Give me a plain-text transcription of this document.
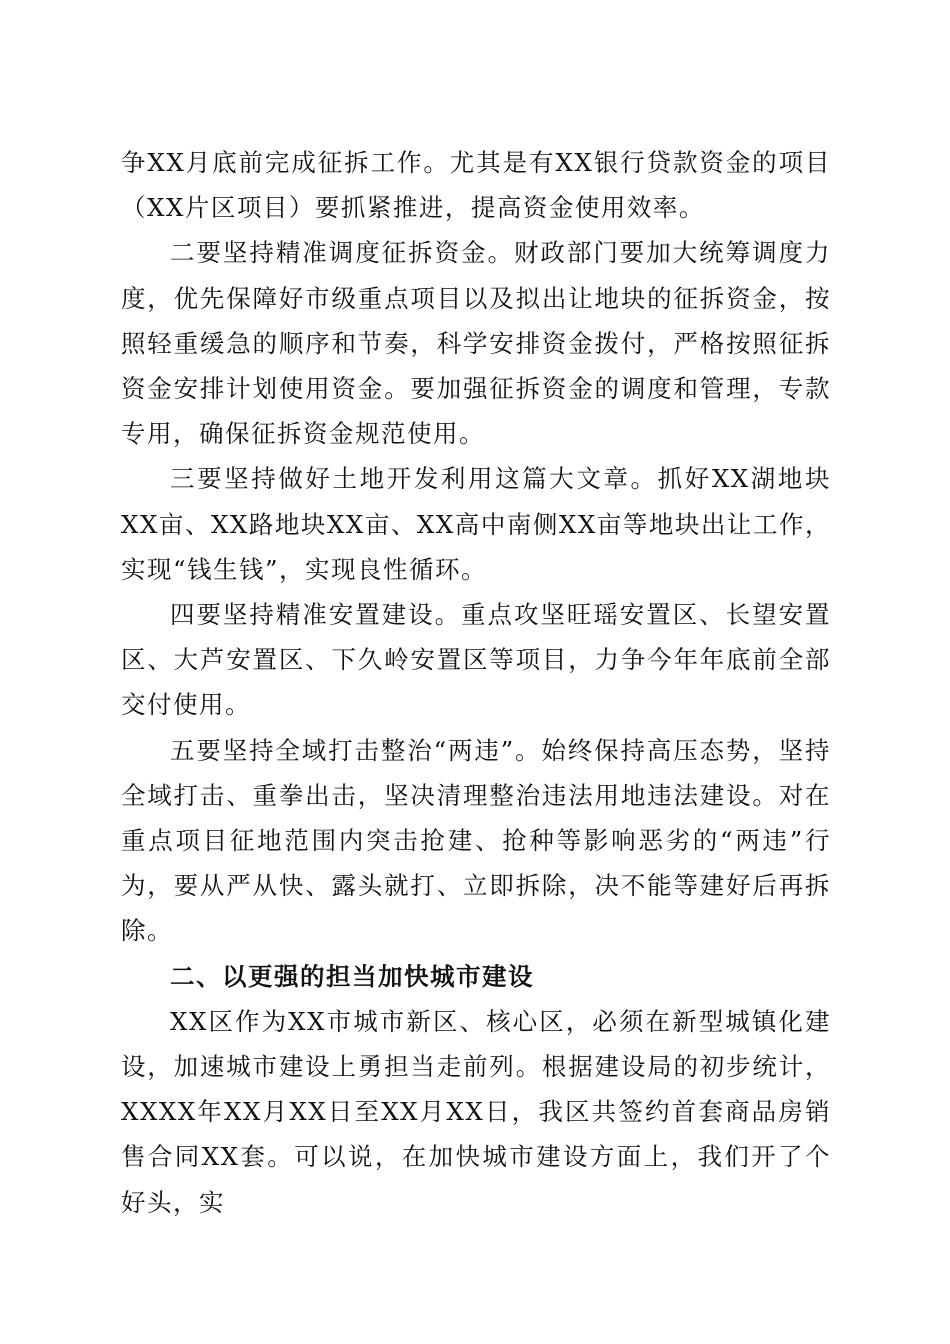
争XX月底前完成征拆工作。尤其是有XX银行贷款资金的项目（XX片区项目）要抓紧推进，提高资金使用效率。

二要坚持精准调度征拆资金。财政部门要加大统筹调度力度，优先保障好市级重点项目以及拟出让地块的征拆资金，按照轻重缓急的顺序和节奏，科学安排资金拨付，严格按照征拆资金安排计划使用资金。要加强征拆资金的调度和管理，专款专用，确保征拆资金规范使用。

三要坚持做好土地开发利用这篇大文章。抓好XX湖地块XX亩、XX路地块XX亩、XX高中南侧XX亩等地块出让工作，实现“钱生钱”，实现良性循环。

四要坚持精准安置建设。重点攻坚旺瑶安置区、长望安置区、大芦安置区、下久岭安置区等项目，力争今年年底前全部交付使用。

五要坚持全域打击整治“两违”。始终保持高压态势，坚持全域打击、重拳出击，坚决清理整治违法用地违法建设。对在重点项目征地范围内突击抢建、抢种等影响恶劣的“两违”行为，要从严从快、露头就打、立即拆除，决不能等建好后再拆除。

二、以更强的担当加快城市建设

XX区作为XX市城市新区、核心区，必须在新型城镇化建设，加速城市建设上勇担当走前列。根据建设局的初步统计，XXXX年XX月XX日至XX月XX日，我区共签约首套商品房销售合同XX套。可以说，在加快城市建设方面上，我们开了个好头，实
